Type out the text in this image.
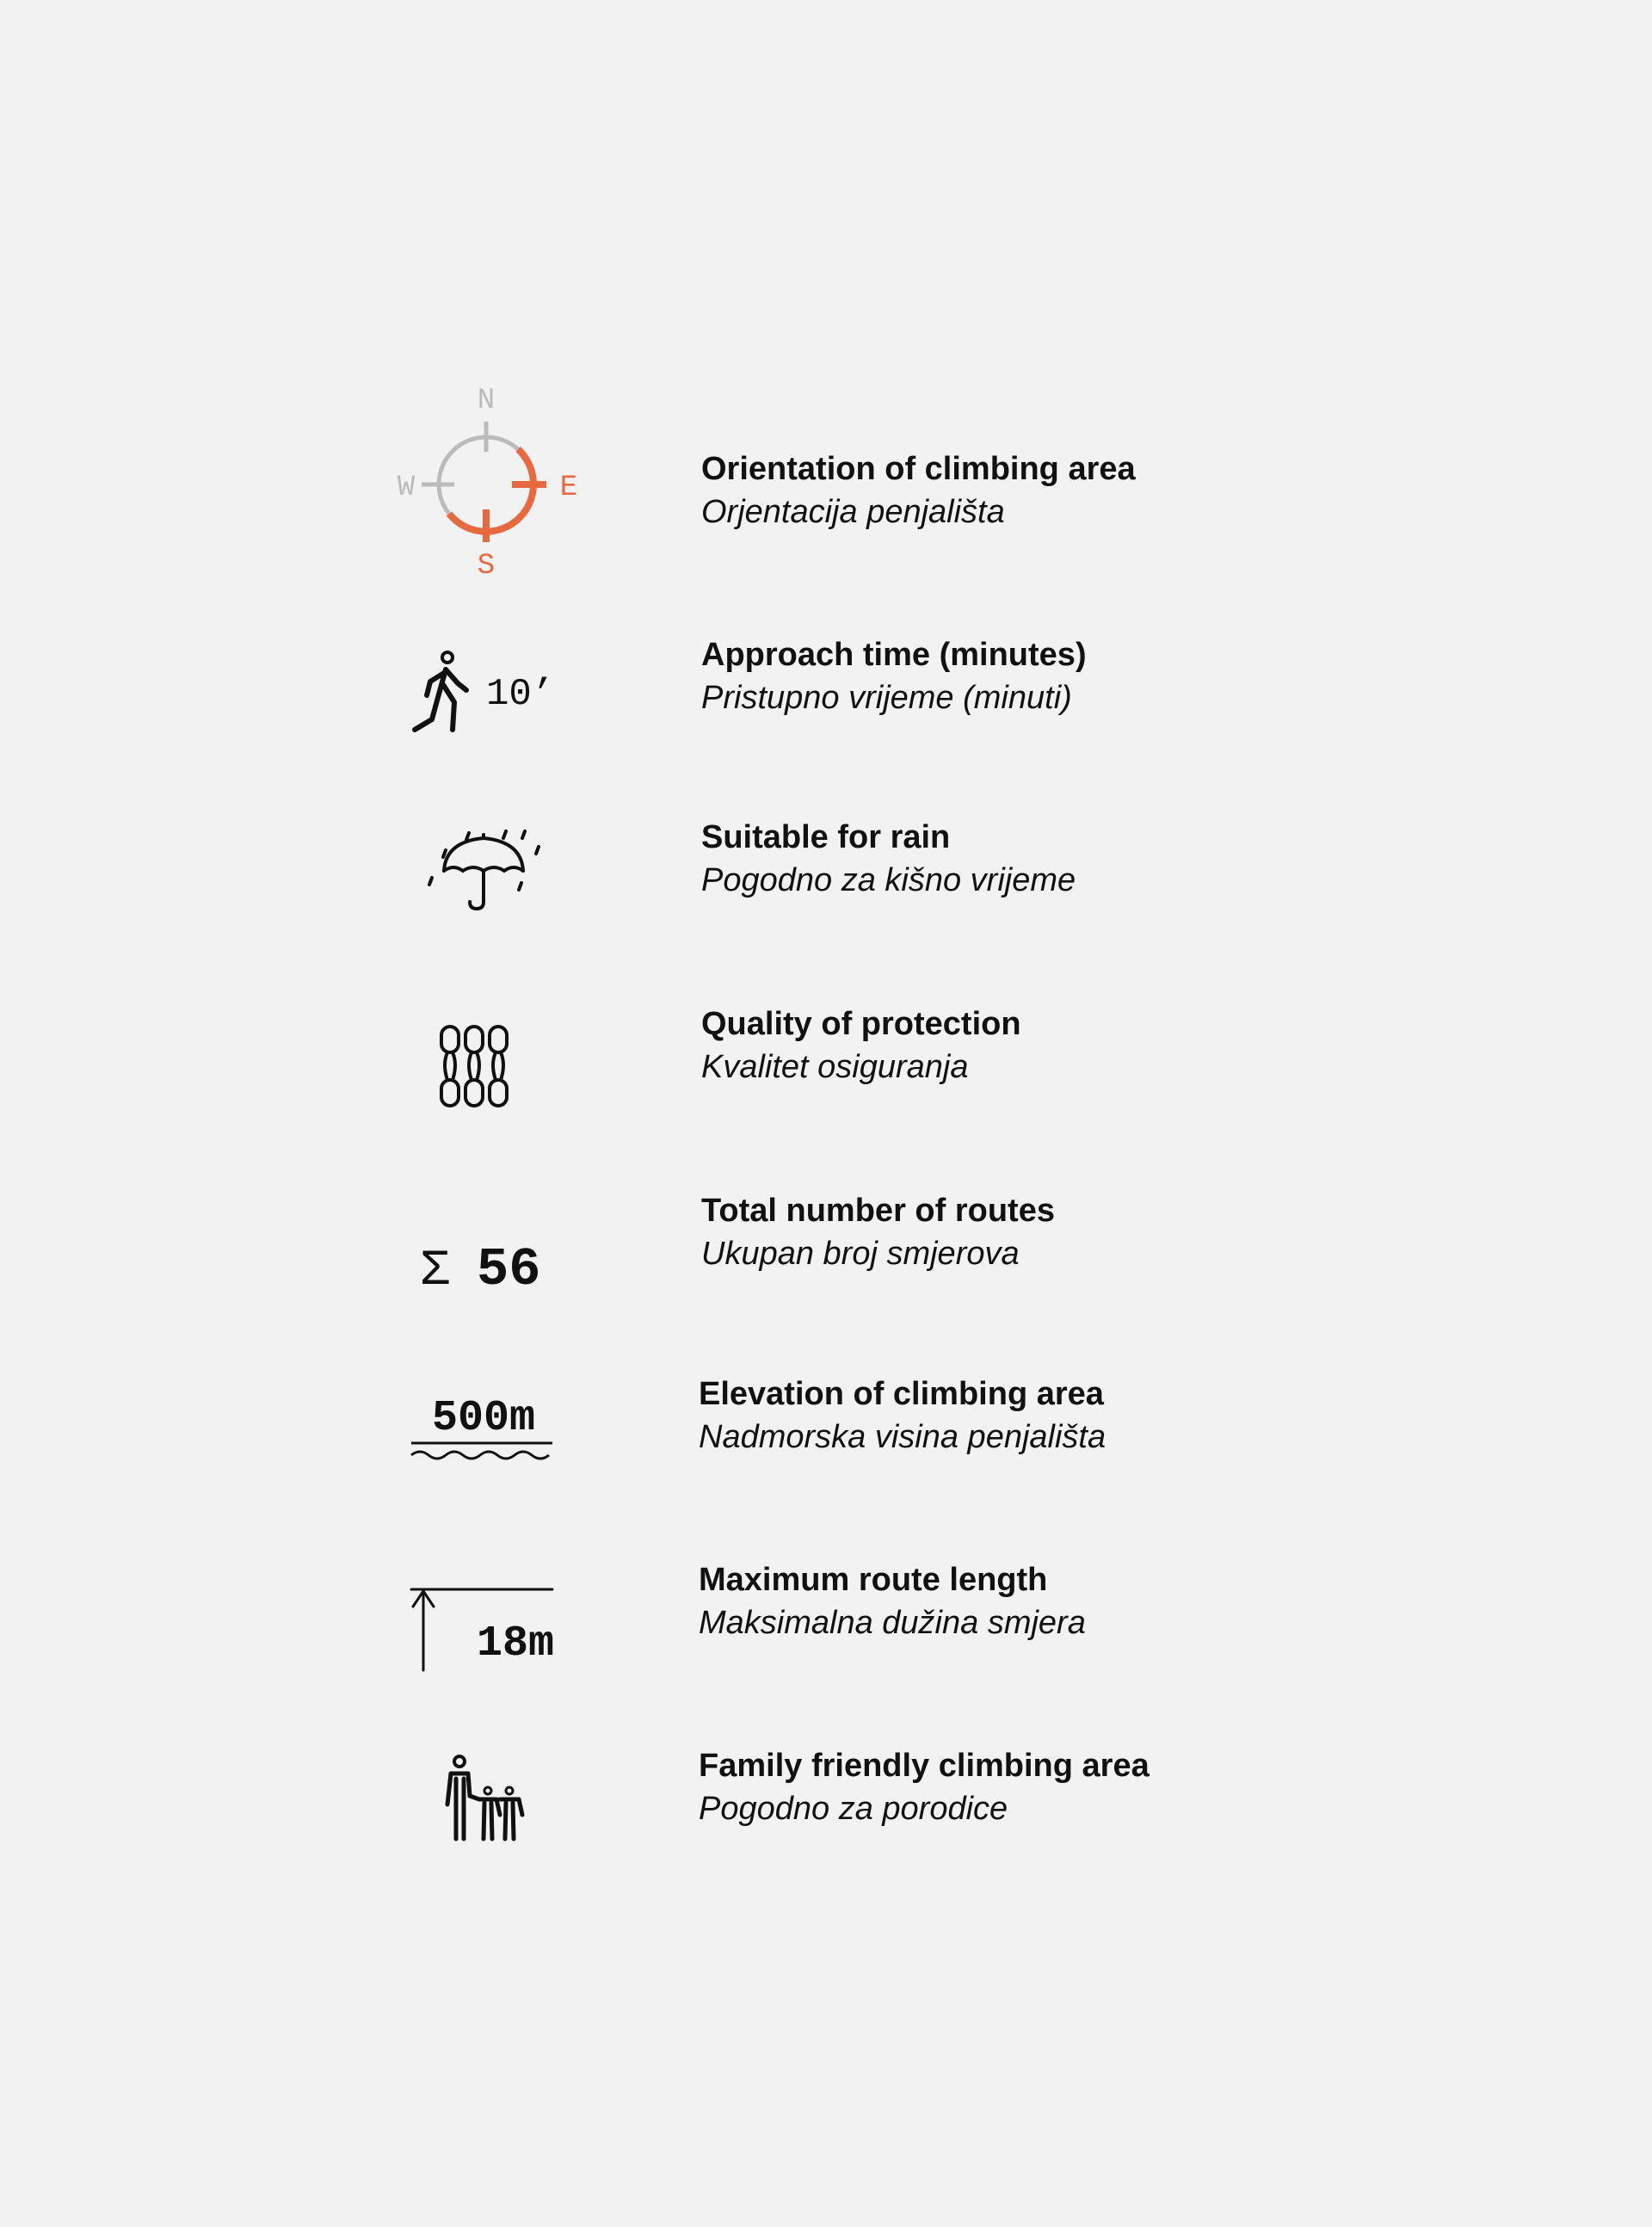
N
E
S
W
Orientation of climbing area
Orjentacija penjališta
10’
Approach time (minutes)
Pristupno vrijeme (minuti)
Suitable for rain
Pogodno za kišno vrijeme
Quality of protection
Kvalitet osiguranja
Σ 56
Total number of routes
Ukupan broj smjerova
500m	Elevation of climbing area
Nadmorska visina penjališta
18m
Maximum route length
Maksimalna dužina smjera
Family friendly climbing area
Pogodno za porodice
